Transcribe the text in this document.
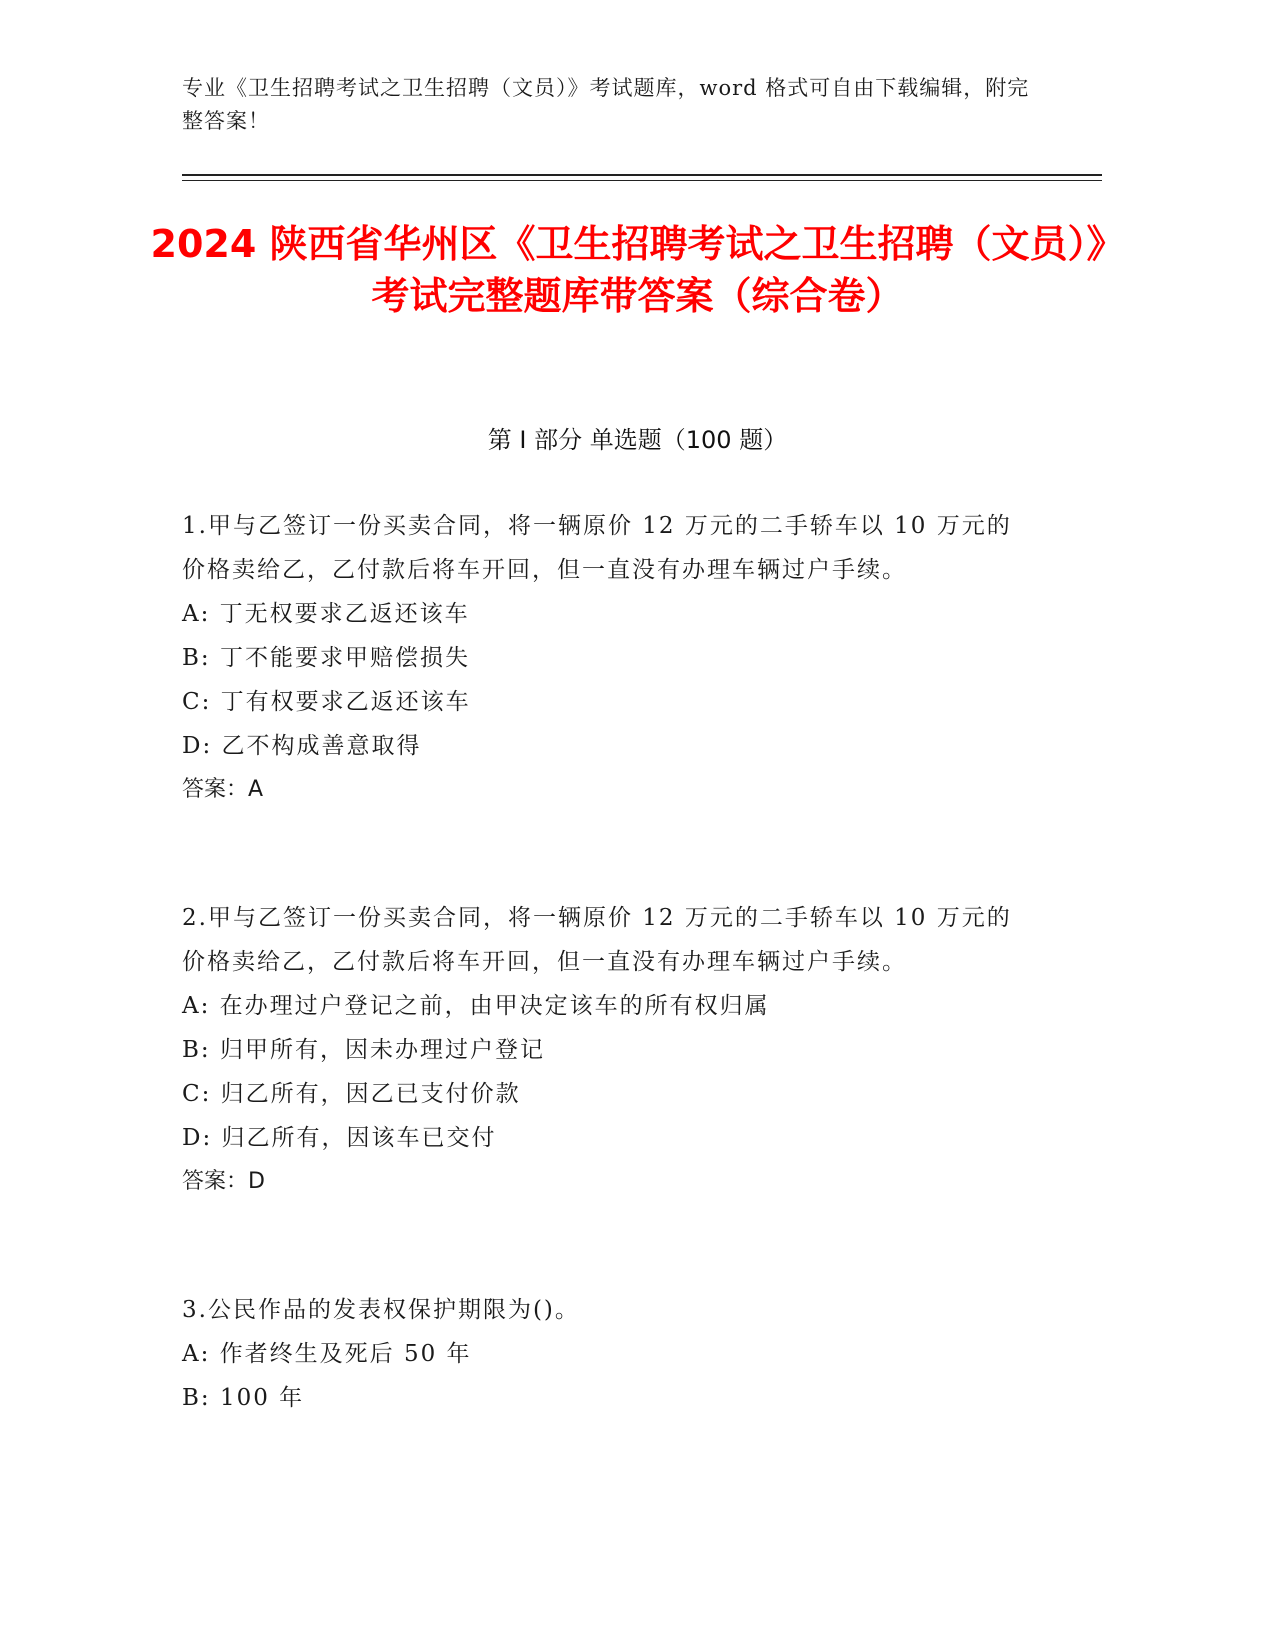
专业《卫生招聘考试之卫生招聘（文员）》考试题库，word 格式可自由下载编辑，附完整答案！
2024 陕西省华州区《卫生招聘考试之卫生招聘（文员）》考试完整题库带答案（综合卷）
第 I 部分 单选题（100 题）

1.甲与乙签订一份买卖合同，将一辆原价 12 万元的二手轿车以 10 万元的价格卖给乙，乙付款后将车开回，但一直没有办理车辆过户手续。

A: 丁无权要求乙返还该车

B: 丁不能要求甲赔偿损失

C: 丁有权要求乙返还该车

D: 乙不构成善意取得

答案：A

2.甲与乙签订一份买卖合同，将一辆原价 12 万元的二手轿车以 10 万元的价格卖给乙，乙付款后将车开回，但一直没有办理车辆过户手续。

A: 在办理过户登记之前，由甲决定该车的所有权归属

B: 归甲所有，因未办理过户登记

C: 归乙所有，因乙已支付价款

D: 归乙所有，因该车已交付

答案：D

3.公民作品的发表权保护期限为()。

A: 作者终生及死后 50 年

B: 100 年
